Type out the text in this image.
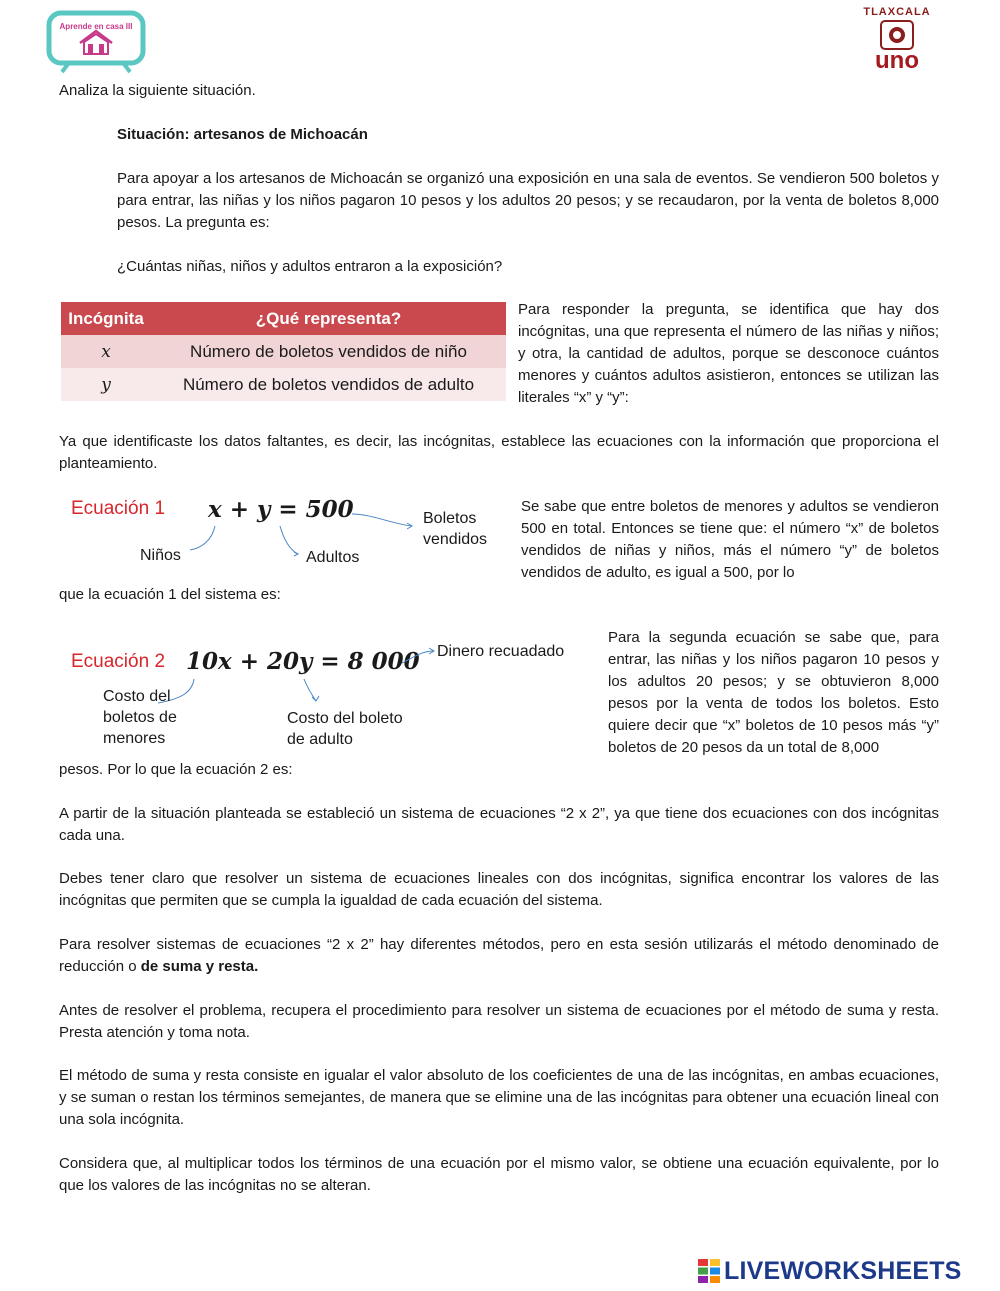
Aprende en casa III
TLAXCALA
uno
Analiza la siguiente situación.
Situación: artesanos de Michoacán
Para apoyar a los artesanos de Michoacán se organizó una exposición en una sala de eventos. Se vendieron 500 boletos y para entrar, las niñas y los niños pagaron 10 pesos y los adultos 20 pesos; y se recaudaron, por la venta de boletos 8,000 pesos. La pregunta es:
¿Cuántas niñas, niños y adultos entraron a la exposición?
Incógnita	¿Qué representa?
x	Número de boletos vendidos de niño
y	Número de boletos vendidos de adulto
Para responder la pregunta, se identifica que hay dos incógnitas, una que representa el número de las niñas y niños; y otra, la cantidad de adultos, porque se desconoce cuántos menores y cuántos adultos asistieron, entonces se utilizan las literales “x” y “y”:
Ya que identificaste los datos faltantes, es decir, las incógnitas, establece las ecuaciones con la información que proporciona el planteamiento.
Ecuación 1 x + y = 500
Niños	Adultos
Boletos vendidos
Se sabe que entre boletos de menores y adultos se vendieron 500 en total. Entonces se tiene que: el número “x” de boletos vendidos de niñas y niños, más el número “y” de boletos vendidos de adulto, es igual a 500, por lo
que la ecuación 1 del sistema es:
Ecuación 2 10x + 20y = 8 000 Dinero recuadado
Costo del boletos de menores
Costo del boleto de adulto
Para la segunda ecuación se sabe que, para entrar, las niñas y los niños pagaron 10 pesos y los adultos 20 pesos; y se obtuvieron 8,000 pesos por la venta de todos los boletos. Esto quiere decir que “x” boletos de 10 pesos más “y” boletos de 20 pesos da un total de 8,000
pesos. Por lo que la ecuación 2 es:
A partir de la situación planteada se estableció un sistema de ecuaciones “2 x 2”, ya que tiene dos ecuaciones con dos incógnitas cada una.
Debes tener claro que resolver un sistema de ecuaciones lineales con dos incógnitas, significa encontrar los valores de las incógnitas que permiten que se cumpla la igualdad de cada ecuación del sistema.
Para resolver sistemas de ecuaciones “2 x 2” hay diferentes métodos, pero en esta sesión utilizarás el método denominado de reducción o de suma y resta.
Antes de resolver el problema, recupera el procedimiento para resolver un sistema de ecuaciones por el método de suma y resta. Presta atención y toma nota.
El método de suma y resta consiste en igualar el valor absoluto de los coeficientes de una de las incógnitas, en ambas ecuaciones, y se suman o restan los términos semejantes, de manera que se elimine una de las incógnitas para obtener una ecuación lineal con una sola incógnita.
Considera que, al multiplicar todos los términos de una ecuación por el mismo valor, se obtiene una ecuación equivalente, por lo que los valores de las incógnitas no se alteran.
LIVEWORKSHEETS
